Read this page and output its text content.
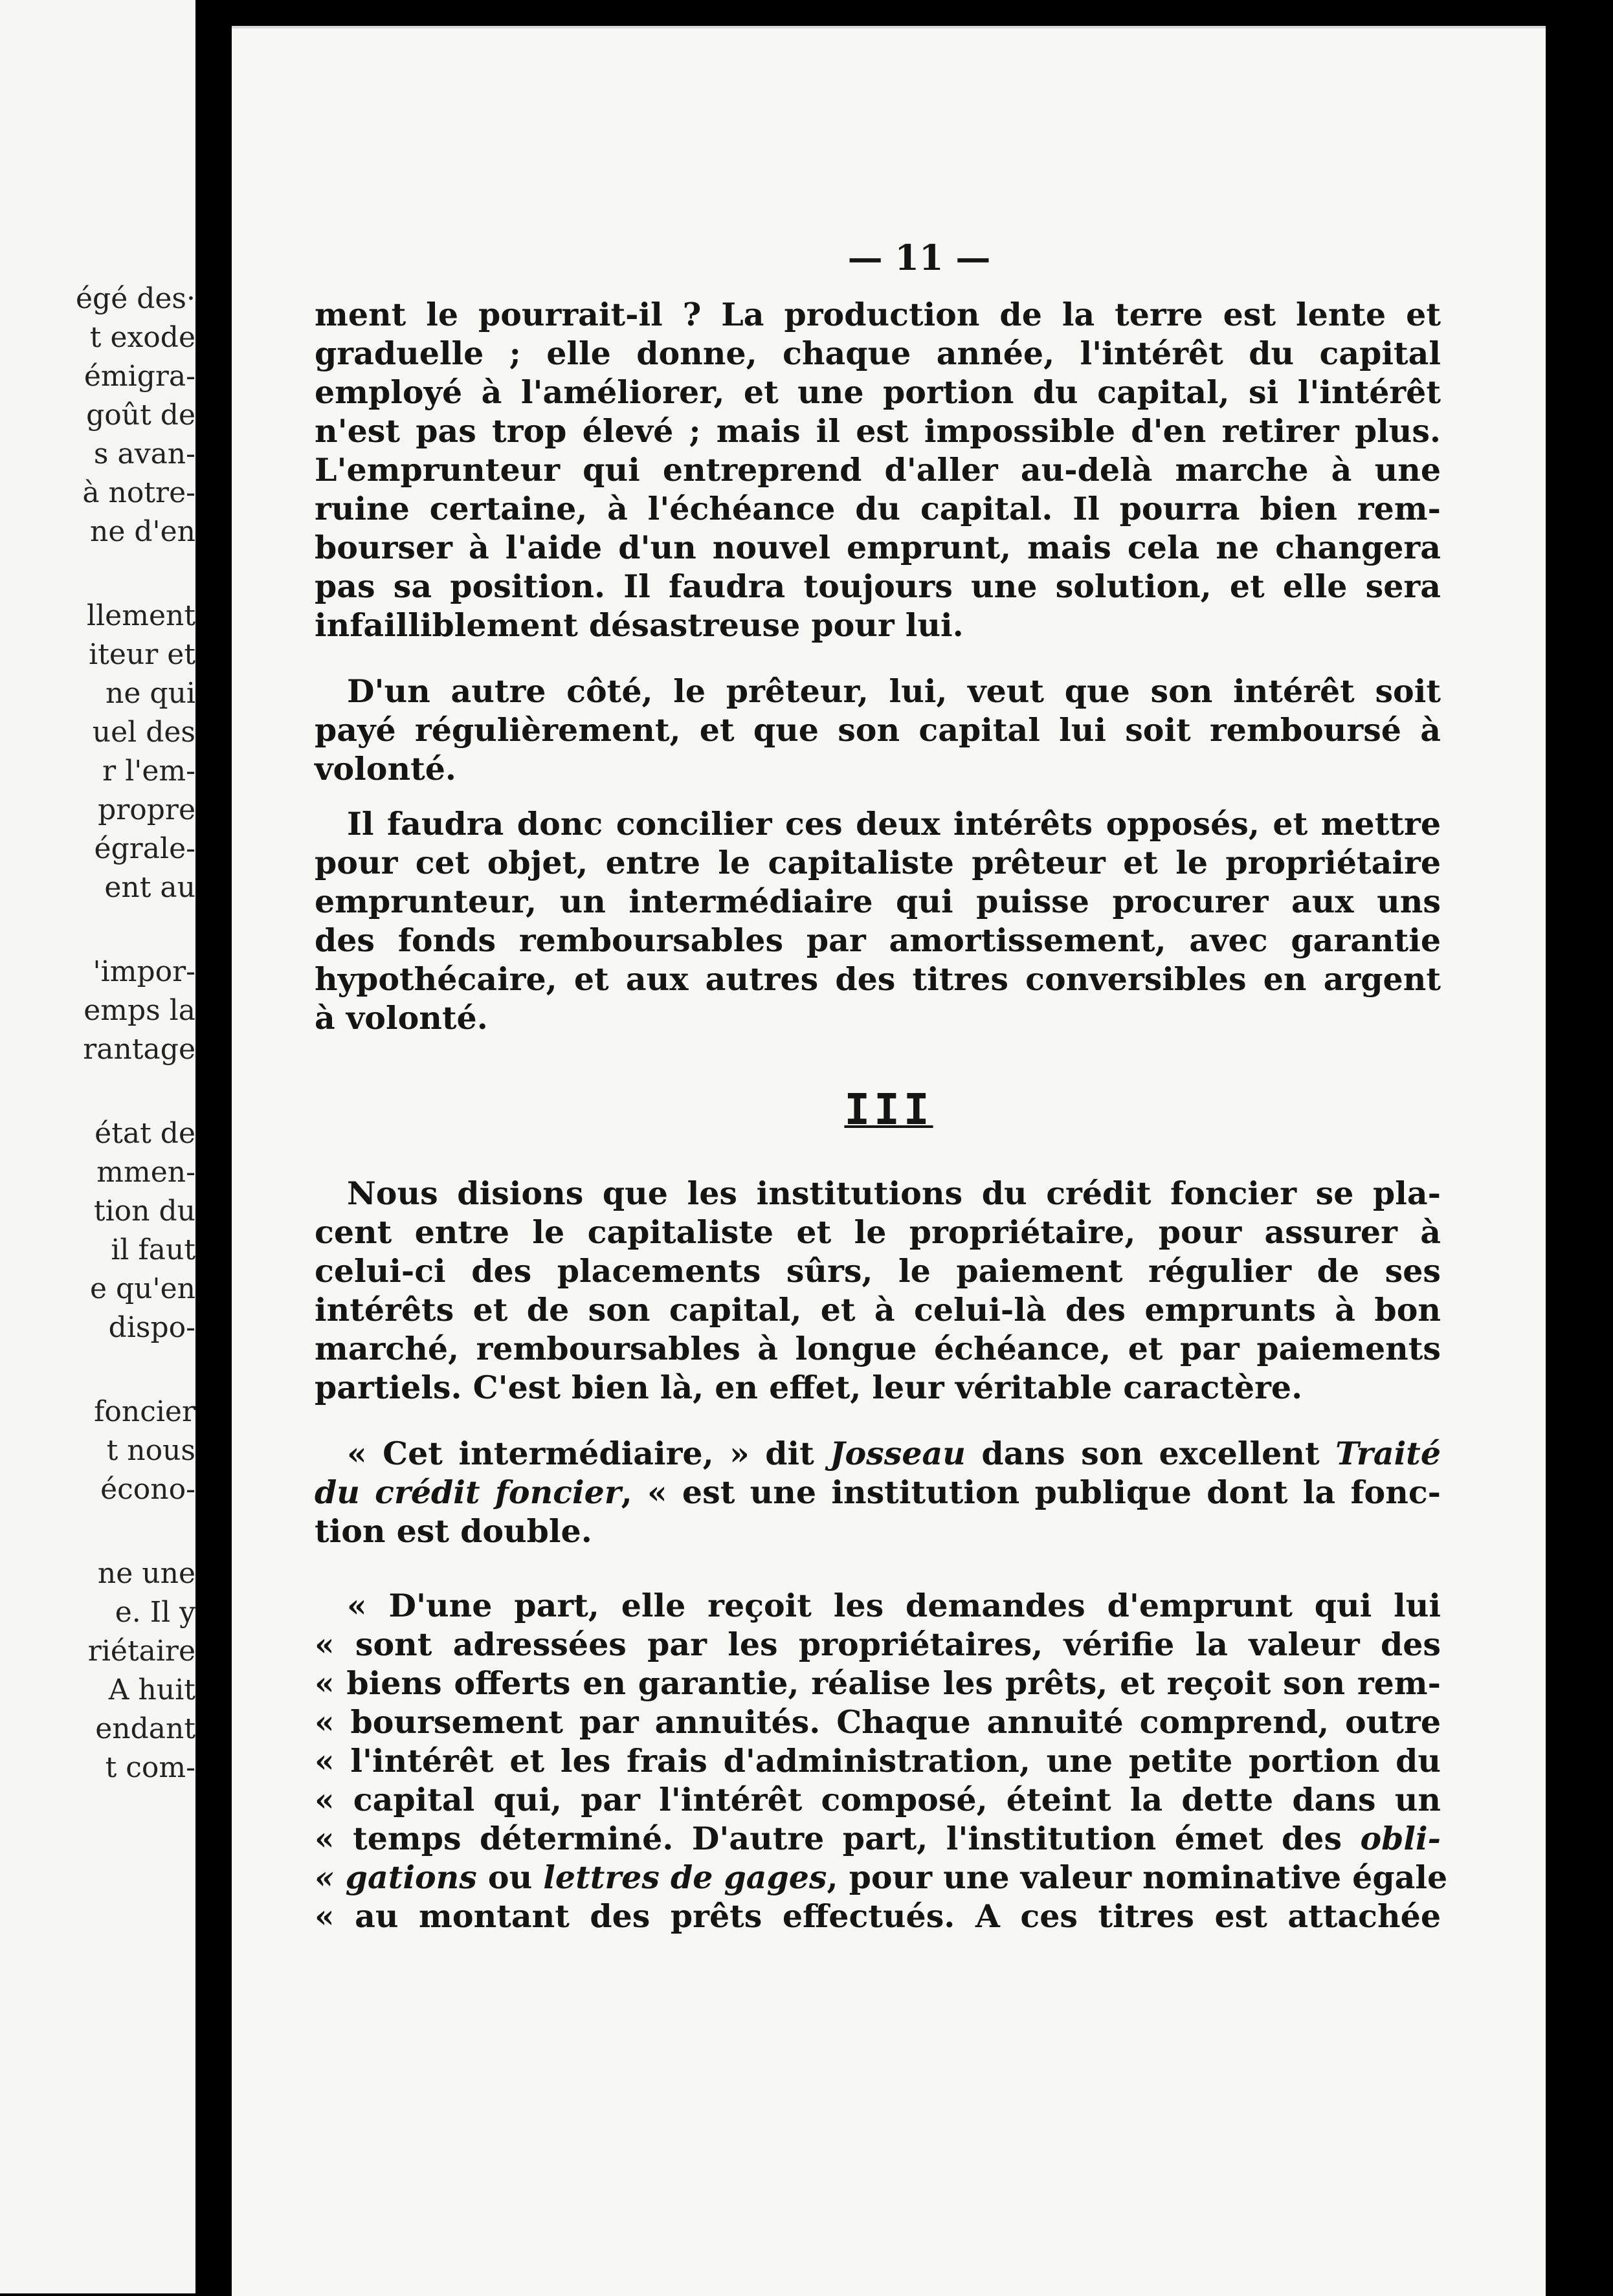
égé des·
t exode
émigra-
goût de
s avan-
à notre-
ne d'en
llement
iteur et
ne qui
uel des
r l'em-
propre
égrale-
ent au
'impor-
emps la
rantage
état de
mmen-
tion du
il faut
e qu'en
dispo-
foncier
t nous
écono-
ne une
e. Il y
riétaire
A huit
endant
t com-
— 11 —
ment le pourrait-il ? La production de la terre est lente et
graduelle ; elle donne, chaque année, l'intérêt du capital
employé à l'améliorer, et une portion du capital, si l'intérêt
n'est pas trop élevé ; mais il est impossible d'en retirer plus.
L'emprunteur qui entreprend d'aller au-delà marche à une
ruine certaine, à l'échéance du capital. Il pourra bien rem-
bourser à l'aide d'un nouvel emprunt, mais cela ne changera
pas sa position. Il faudra toujours une solution, et elle sera
infailliblement désastreuse pour lui.
D'un autre côté, le prêteur, lui, veut que son intérêt soit
payé régulièrement, et que son capital lui soit remboursé à
volonté.
Il faudra donc concilier ces deux intérêts opposés, et mettre
pour cet objet, entre le capitaliste prêteur et le propriétaire
emprunteur, un intermédiaire qui puisse procurer aux uns
des fonds remboursables par amortissement, avec garantie
hypothécaire, et aux autres des titres conversibles en argent
à volonté.
Nous disions que les institutions du crédit foncier se pla-
cent entre le capitaliste et le propriétaire, pour assurer à
celui-ci des placements sûrs, le paiement régulier de ses
intérêts et de son capital, et à celui-là des emprunts à bon
marché, remboursables à longue échéance, et par paiements
partiels. C'est bien là, en effet, leur véritable caractère.
« Cet intermédiaire, » dit Josseau dans son excellent Traité
du crédit foncier, « est une institution publique dont la fonc-
tion est double.
« D'une part, elle reçoit les demandes d'emprunt qui lui
« sont adressées par les propriétaires, vérifie la valeur des
« biens offerts en garantie, réalise les prêts, et reçoit son rem-
« boursement par annuités. Chaque annuité comprend, outre
« l'intérêt et les frais d'administration, une petite portion du
« capital qui, par l'intérêt composé, éteint la dette dans un
« temps déterminé. D'autre part, l'institution émet des obli-
« gations ou lettres de gages, pour une valeur nominative égale
« au montant des prêts effectués. A ces titres est attachée
III
